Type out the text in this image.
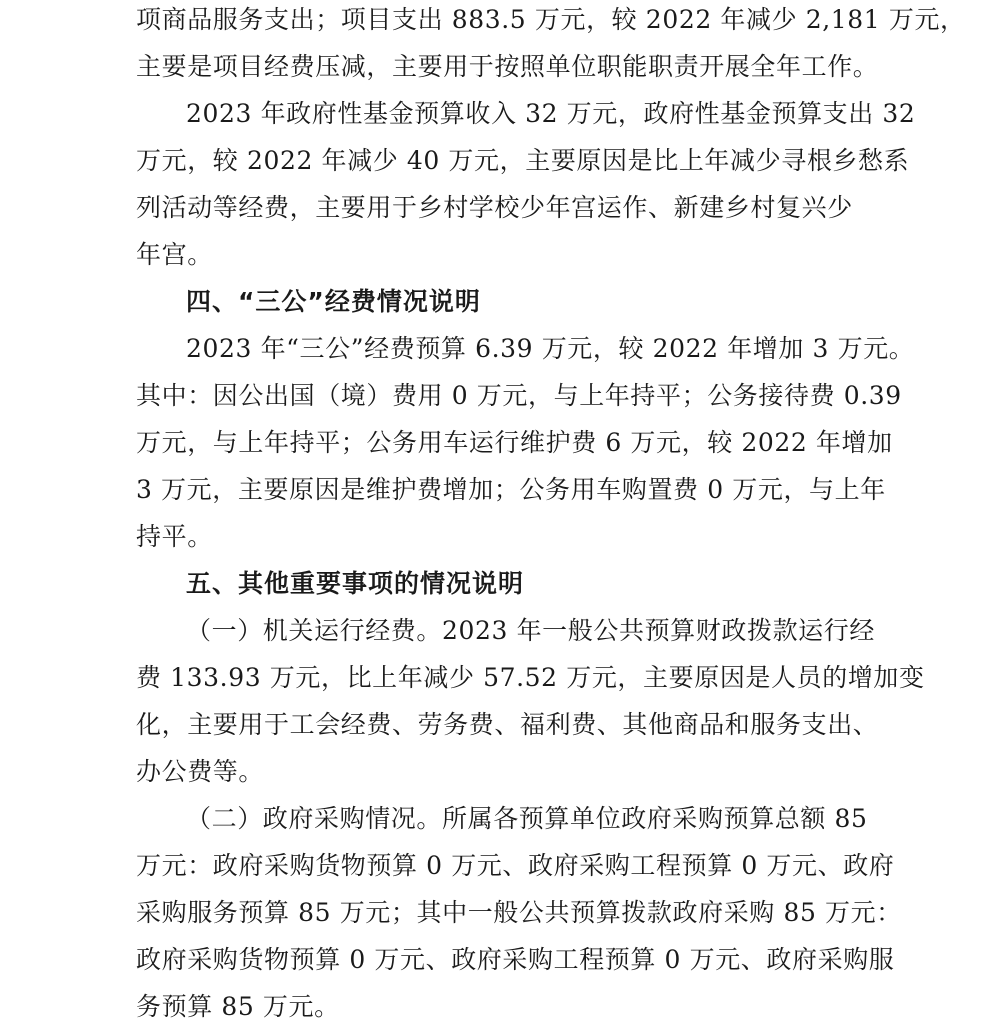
项商品服务支出；项目支出 883.5 万元，较 2022 年减少 2,181 万元，
主要是项目经费压减，主要用于按照单位职能职责开展全年工作。
2023 年政府性基金预算收入 32 万元，政府性基金预算支出 32
万元，较 2022 年减少 40 万元，主要原因是比上年减少寻根乡愁系
列活动等经费，主要用于乡村学校少年宫运作、新建乡村复兴少
年宫。
四、“三公”经费情况说明
2023 年“三公”经费预算 6.39 万元，较 2022 年增加 3 万元。
其中：因公出国（境）费用 0 万元，与上年持平；公务接待费 0.39
万元，与上年持平；公务用车运行维护费 6 万元，较 2022 年增加
3 万元，主要原因是维护费增加；公务用车购置费 0 万元，与上年
持平。
五、其他重要事项的情况说明
（一）机关运行经费。2023 年一般公共预算财政拨款运行经
费 133.93 万元，比上年减少 57.52 万元，主要原因是人员的增加变
化，主要用于工会经费、劳务费、福利费、其他商品和服务支出、
办公费等。
（二）政府采购情况。所属各预算单位政府采购预算总额 85
万元：政府采购货物预算 0 万元、政府采购工程预算 0 万元、政府
采购服务预算 85 万元；其中一般公共预算拨款政府采购 85 万元：
政府采购货物预算 0 万元、政府采购工程预算 0 万元、政府采购服
务预算 85 万元。
